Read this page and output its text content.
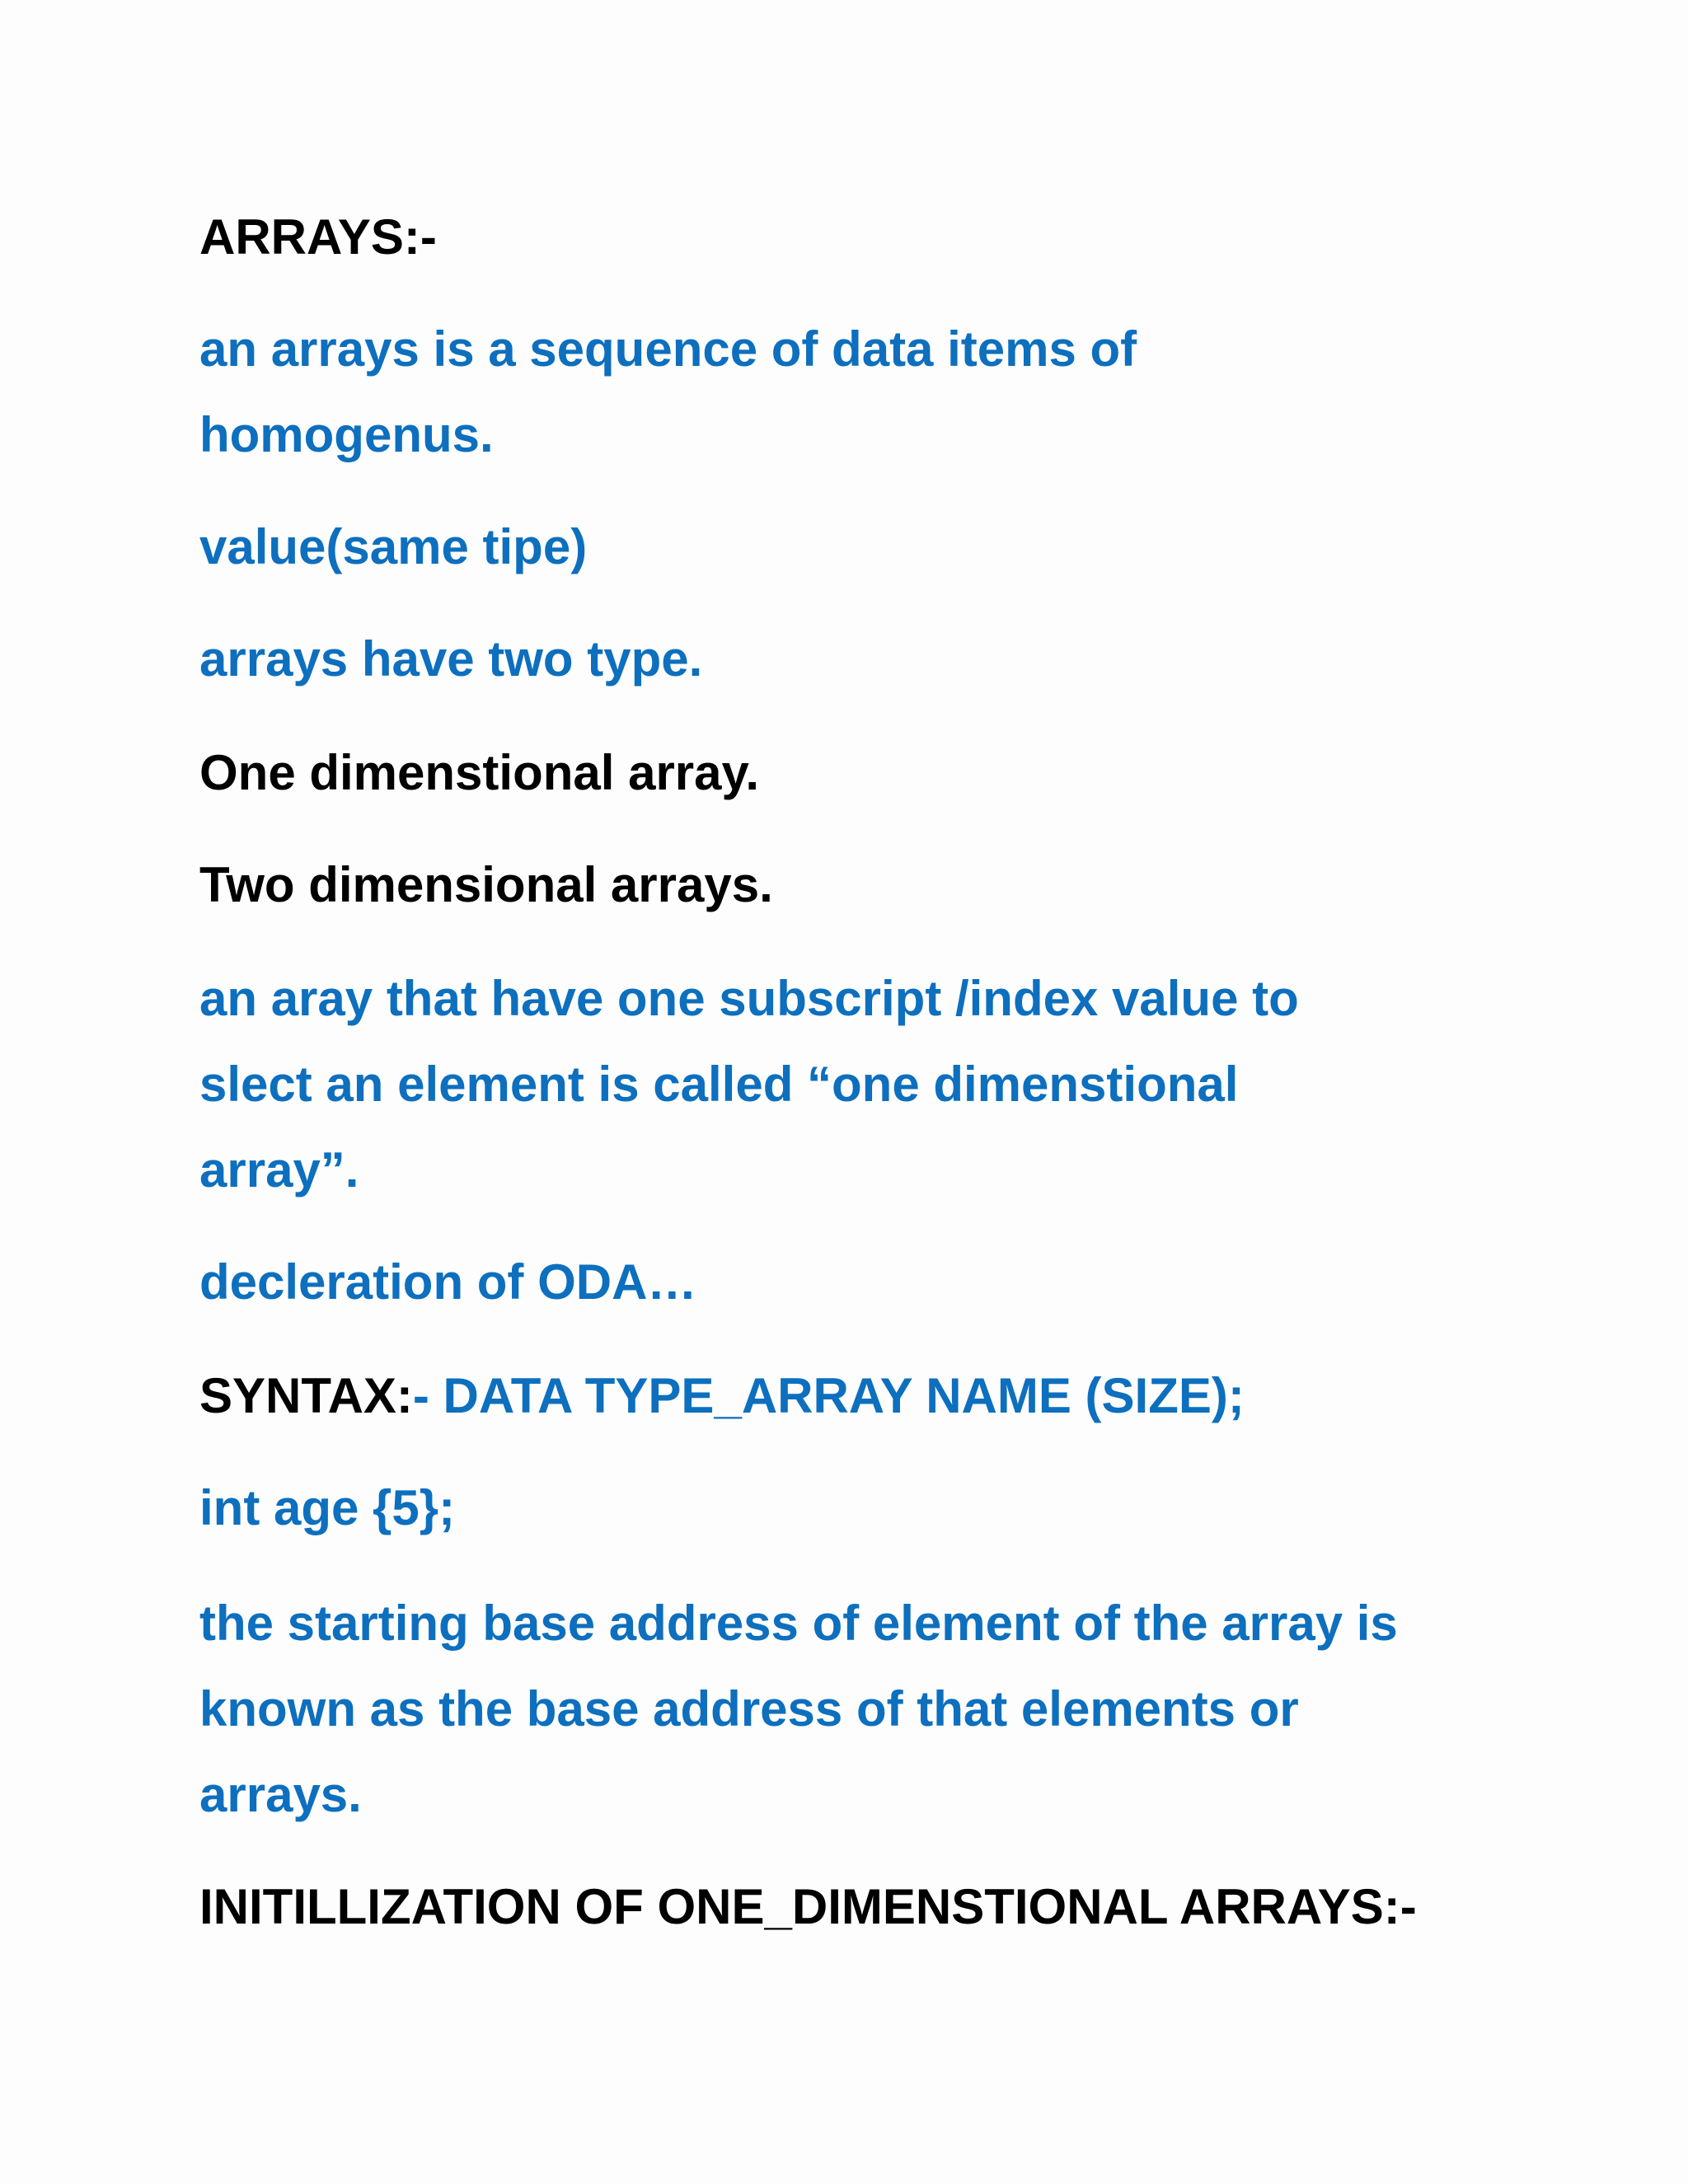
ARRAYS:-

an arrays is a sequence of data items of
homogenus.

value(same tipe)

arrays have two type.

One dimenstional array.

Two dimensional arrays.

an aray that have one subscript /index value to
slect an element is called “one dimenstional
array”.

decleration of ODA…

SYNTAX:- DATA TYPE_ARRAY NAME (SIZE);

int age {5};

the starting base address of element of the array is
known as the base address of that elements or
arrays.

INITILLIZATION OF ONE_DIMENSTIONAL ARRAYS:-
